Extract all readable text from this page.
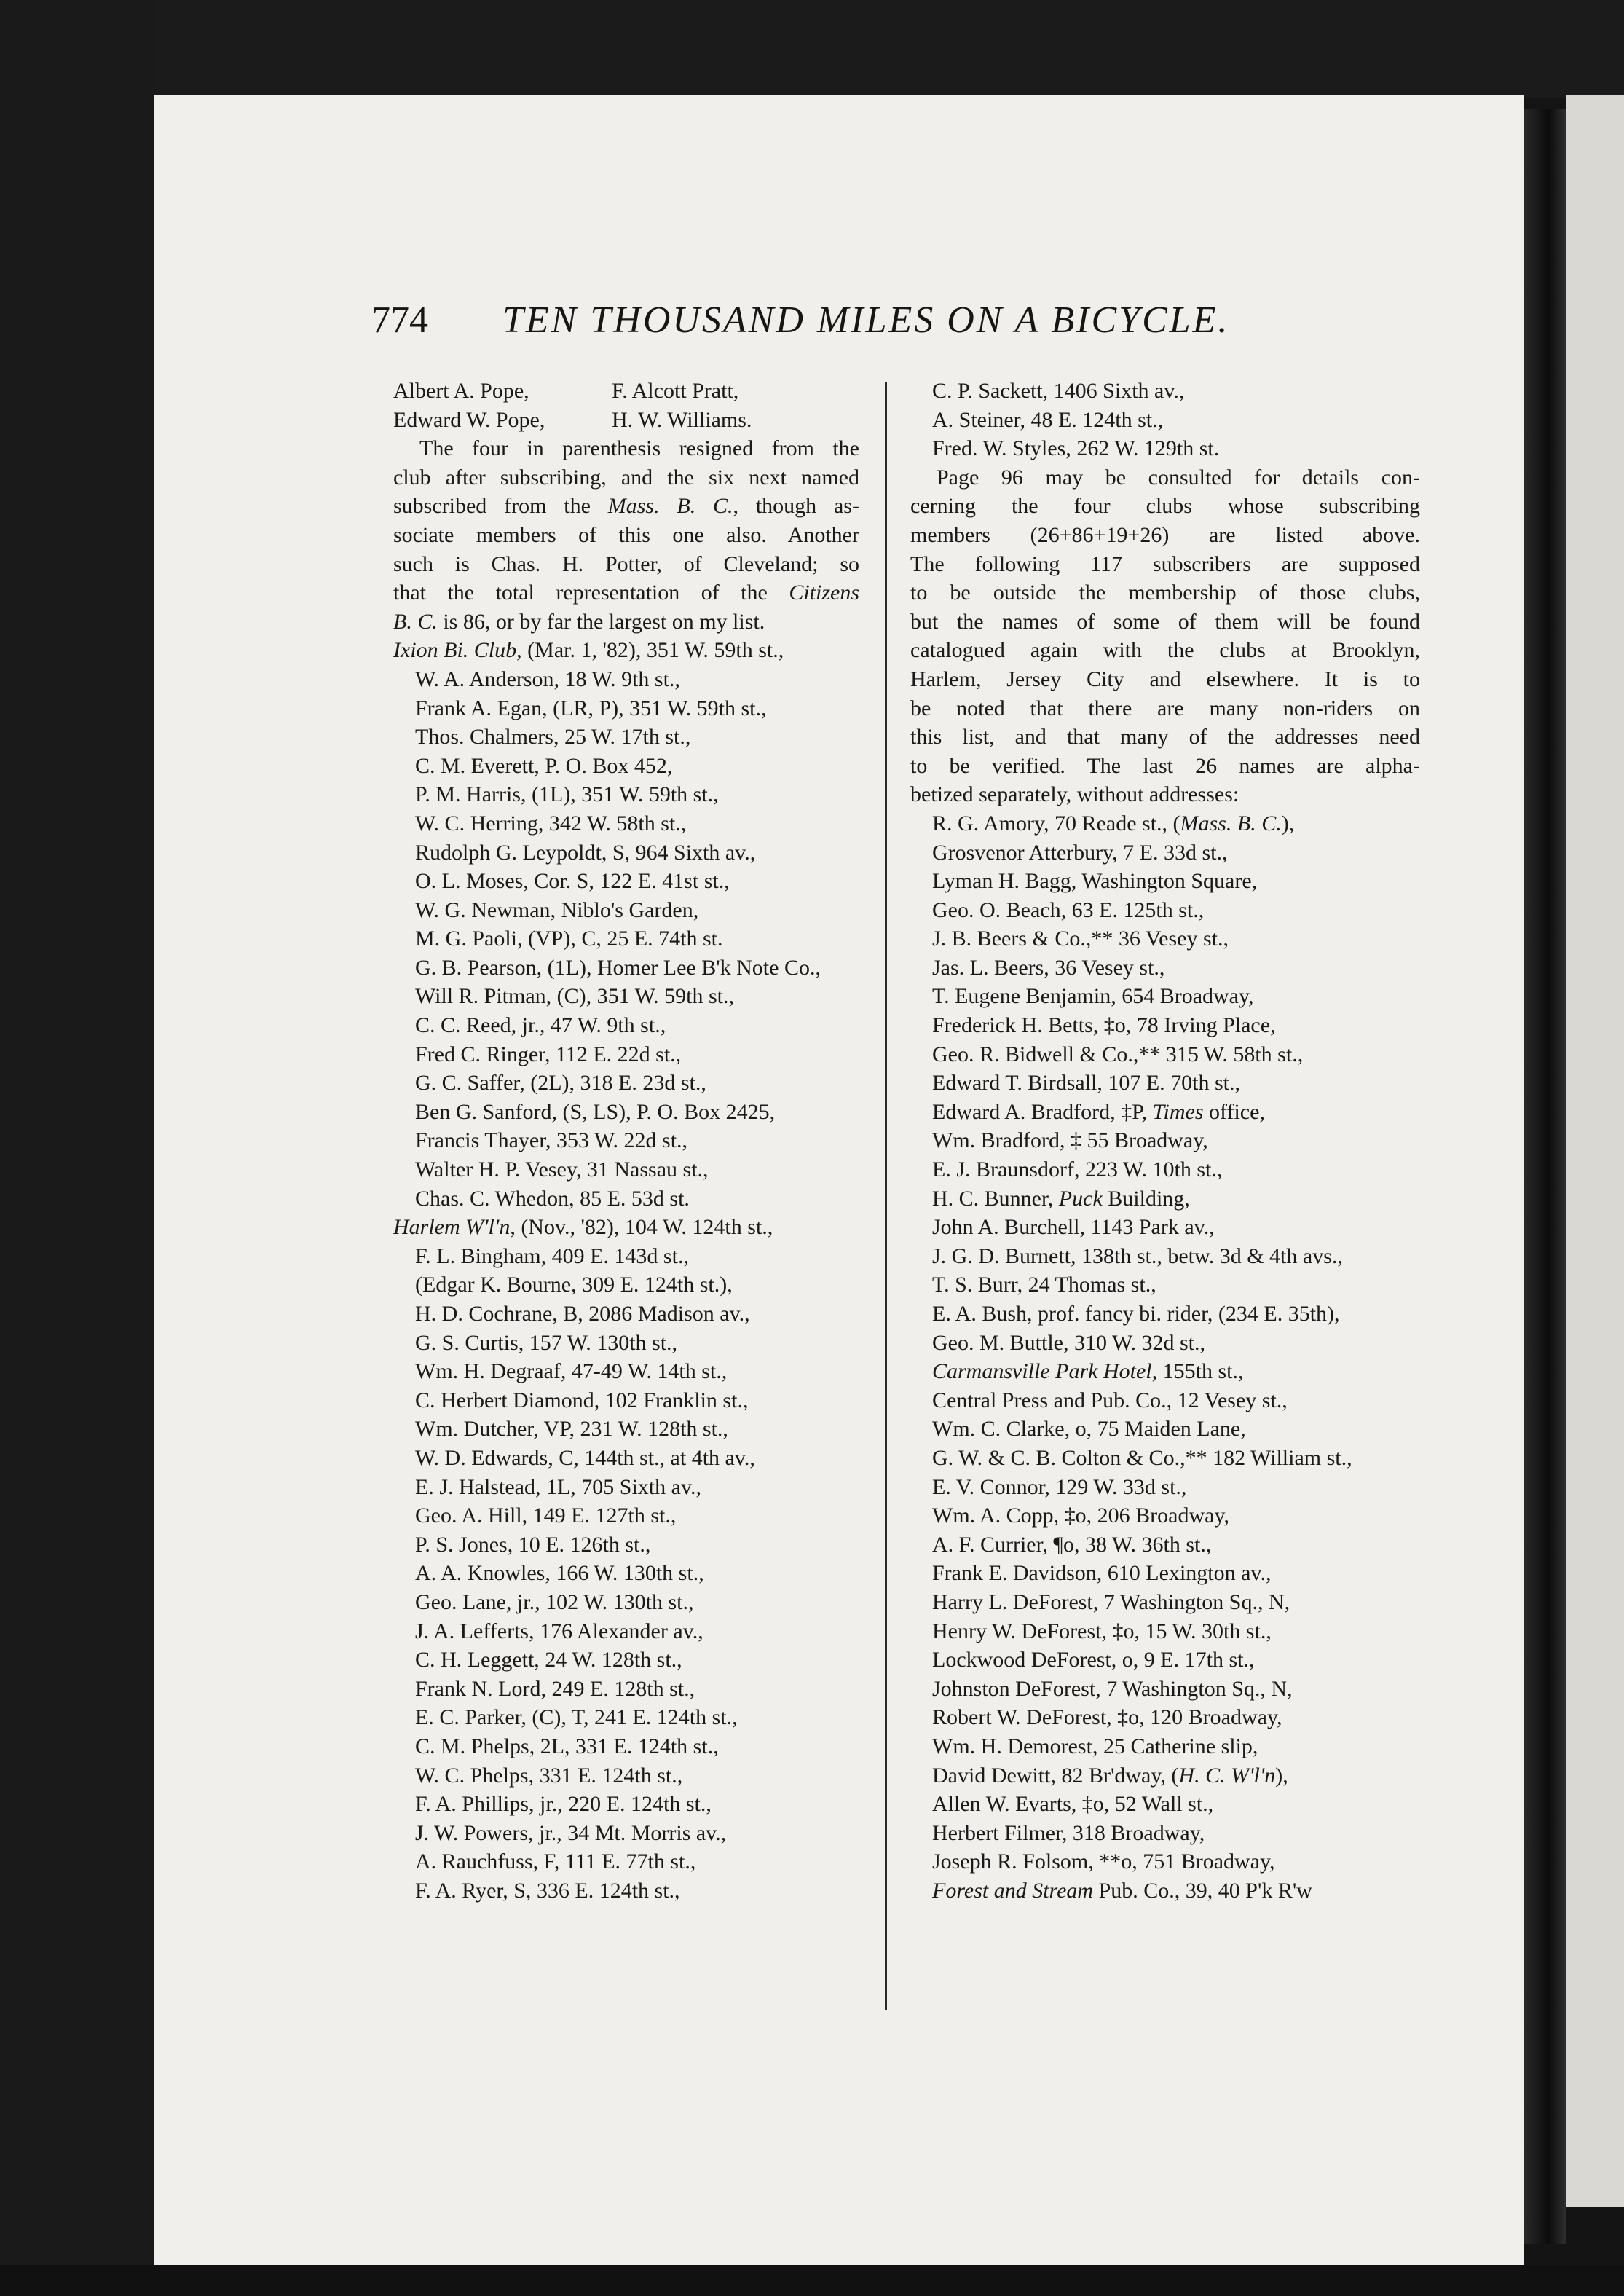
774 TEN THOUSAND MILES ON A BICYCLE.
Albert A. Pope,	F. Alcott Pratt,
Edward W. Pope,	H. W. Williams.
The four in parenthesis resigned from the
club after subscribing, and the six next named
subscribed from the Mass. B. C., though as-
sociate members of this one also. Another
such is Chas. H. Potter, of Cleveland; so
that the total representation of the Citizens
B. C. is 86, or by far the largest on my list.
Ixion Bi. Club, (Mar. 1, '82), 351 W. 59th st.,
W. A. Anderson, 18 W. 9th st.,
Frank A. Egan, (LR, P), 351 W. 59th st.,
Thos. Chalmers, 25 W. 17th st.,
C. M. Everett, P. O. Box 452,
P. M. Harris, (1L), 351 W. 59th st.,
W. C. Herring, 342 W. 58th st.,
Rudolph G. Leypoldt, S, 964 Sixth av.,
O. L. Moses, Cor. S, 122 E. 41st st.,
W. G. Newman, Niblo's Garden,
M. G. Paoli, (VP), C, 25 E. 74th st.
G. B. Pearson, (1L), Homer Lee B'k Note Co.,
Will R. Pitman, (C), 351 W. 59th st.,
C. C. Reed, jr., 47 W. 9th st.,
Fred C. Ringer, 112 E. 22d st.,
G. C. Saffer, (2L), 318 E. 23d st.,
Ben G. Sanford, (S, LS), P. O. Box 2425,
Francis Thayer, 353 W. 22d st.,
Walter H. P. Vesey, 31 Nassau st.,
Chas. C. Whedon, 85 E. 53d st.
Harlem W'l'n, (Nov., '82), 104 W. 124th st.,
F. L. Bingham, 409 E. 143d st.,
(Edgar K. Bourne, 309 E. 124th st.),
H. D. Cochrane, B, 2086 Madison av.,
G. S. Curtis, 157 W. 130th st.,
Wm. H. Degraaf, 47-49 W. 14th st.,
C. Herbert Diamond, 102 Franklin st.,
Wm. Dutcher, VP, 231 W. 128th st.,
W. D. Edwards, C, 144th st., at 4th av.,
E. J. Halstead, 1L, 705 Sixth av.,
Geo. A. Hill, 149 E. 127th st.,
P. S. Jones, 10 E. 126th st.,
A. A. Knowles, 166 W. 130th st.,
Geo. Lane, jr., 102 W. 130th st.,
J. A. Lefferts, 176 Alexander av.,
C. H. Leggett, 24 W. 128th st.,
Frank N. Lord, 249 E. 128th st.,
E. C. Parker, (C), T, 241 E. 124th st.,
C. M. Phelps, 2L, 331 E. 124th st.,
W. C. Phelps, 331 E. 124th st.,
F. A. Phillips, jr., 220 E. 124th st.,
J. W. Powers, jr., 34 Mt. Morris av.,
A. Rauchfuss, F, 111 E. 77th st.,
F. A. Ryer, S, 336 E. 124th st.,
C. P. Sackett, 1406 Sixth av.,
A. Steiner, 48 E. 124th st.,
Fred. W. Styles, 262 W. 129th st.
Page 96 may be consulted for details con-
cerning the four clubs whose subscribing
members (26+86+19+26) are listed above.
The following 117 subscribers are supposed
to be outside the membership of those clubs,
but the names of some of them will be found
catalogued again with the clubs at Brooklyn,
Harlem, Jersey City and elsewhere. It is to
be noted that there are many non-riders on
this list, and that many of the addresses need
to be verified. The last 26 names are alpha-
betized separately, without addresses:
R. G. Amory, 70 Reade st., (Mass. B. C.),
Grosvenor Atterbury, 7 E. 33d st.,
Lyman H. Bagg, Washington Square,
Geo. O. Beach, 63 E. 125th st.,
J. B. Beers & Co.,** 36 Vesey st.,
Jas. L. Beers, 36 Vesey st.,
T. Eugene Benjamin, 654 Broadway,
Frederick H. Betts, ‡o, 78 Irving Place,
Geo. R. Bidwell & Co.,** 315 W. 58th st.,
Edward T. Birdsall, 107 E. 70th st.,
Edward A. Bradford, ‡P, Times office,
Wm. Bradford, ‡ 55 Broadway,
E. J. Braunsdorf, 223 W. 10th st.,
H. C. Bunner, Puck Building,
John A. Burchell, 1143 Park av.,
J. G. D. Burnett, 138th st., betw. 3d & 4th avs.,
T. S. Burr, 24 Thomas st.,
E. A. Bush, prof. fancy bi. rider, (234 E. 35th),
Geo. M. Buttle, 310 W. 32d st.,
Carmansville Park Hotel, 155th st.,
Central Press and Pub. Co., 12 Vesey st.,
Wm. C. Clarke, o, 75 Maiden Lane,
G. W. & C. B. Colton & Co.,** 182 William st.,
E. V. Connor, 129 W. 33d st.,
Wm. A. Copp, ‡o, 206 Broadway,
A. F. Currier, ¶o, 38 W. 36th st.,
Frank E. Davidson, 610 Lexington av.,
Harry L. DeForest, 7 Washington Sq., N,
Henry W. DeForest, ‡o, 15 W. 30th st.,
Lockwood DeForest, o, 9 E. 17th st.,
Johnston DeForest, 7 Washington Sq., N,
Robert W. DeForest, ‡o, 120 Broadway,
Wm. H. Demorest, 25 Catherine slip,
David Dewitt, 82 Br'dway, (H. C. W'l'n),
Allen W. Evarts, ‡o, 52 Wall st.,
Herbert Filmer, 318 Broadway,
Joseph R. Folsom, **o, 751 Broadway,
Forest and Stream Pub. Co., 39, 40 P'k R'w
